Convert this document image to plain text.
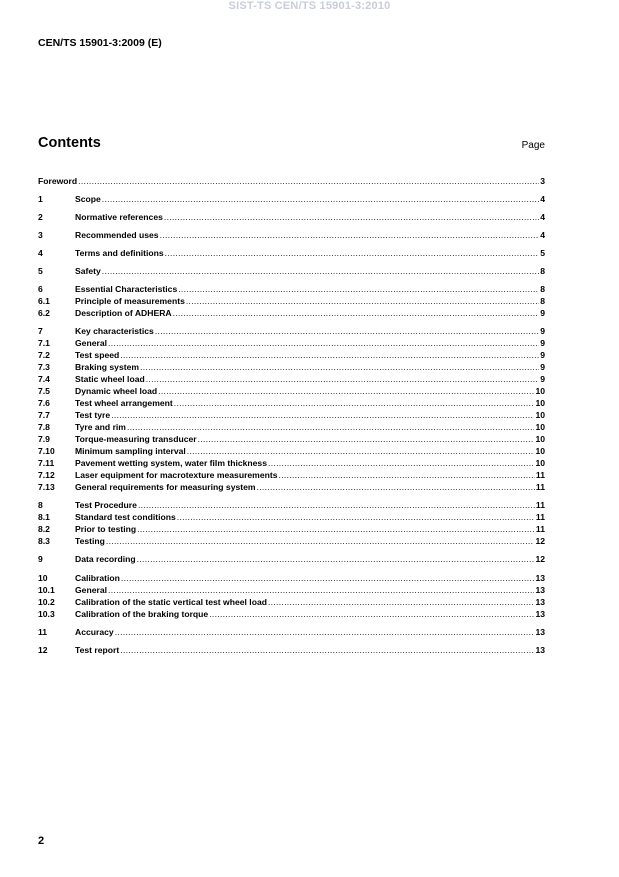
SIST-TS CEN/TS 15901-3:2010
CEN/TS 15901-3:2009 (E)
Contents	Page
Foreword .....	3
1	Scope .....	4
2	Normative references .....	4
3	Recommended uses .....	4
4	Terms and definitions .....	5
5	Safety .....	8
6	Essential Characteristics .....	8
6.1	Principle of measurements .....	8
6.2	Description of ADHERA .....	9
7	Key characteristics .....	9
7.1	General .....	9
7.2	Test speed .....	9
7.3	Braking system .....	9
7.4	Static wheel load .....	9
7.5	Dynamic wheel load .....	10
7.6	Test wheel arrangement .....	10
7.7	Test tyre .....	10
7.8	Tyre and rim .....	10
7.9	Torque-measuring transducer .....	10
7.10 Minimum sampling interval .....	10
7.11 Pavement wetting system, water film thickness .....	10
7.12 Laser equipment for macrotexture measurements .....	11
7.13 General requirements for measuring system .....	11
8	Test Procedure .....	11
8.1	Standard test conditions .....	11
8.2	Prior to testing .....	11
8.3	Testing .....	12
9	Data recording .....	12
10	Calibration .....	13
10.1 General .....	13
10.2 Calibration of the static vertical test wheel load .....	13
10.3 Calibration of the braking torque .....	13
11	Accuracy .....	13
12	Test report .....	13
2
